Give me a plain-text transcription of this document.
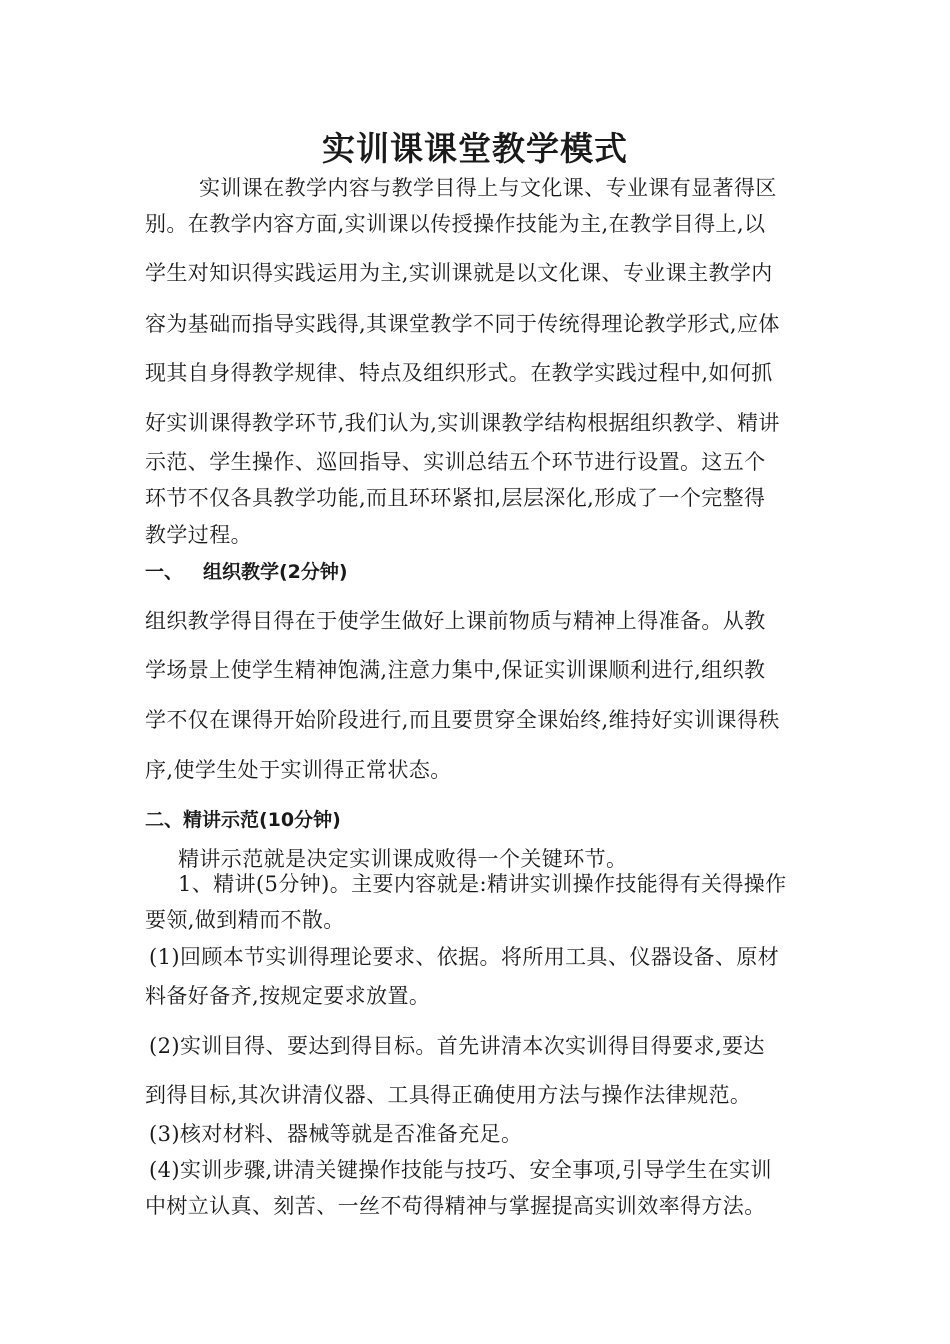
实训课课堂教学模式
实训课在教学内容与教学目得上与文化课、专业课有显著得区
别。在教学内容方面,实训课以传授操作技能为主,在教学目得上,以
学生对知识得实践运用为主,实训课就是以文化课、专业课主教学内
容为基础而指导实践得,其课堂教学不同于传统得理论教学形式,应体
现其自身得教学规律、特点及组织形式。在教学实践过程中,如何抓
好实训课得教学环节,我们认为,实训课教学结构根据组织教学、精讲
示范、学生操作、巡回指导、实训总结五个环节进行设置。这五个
环节不仅各具教学功能,而且环环紧扣,层层深化,形成了一个完整得
教学过程。
一、 组织教学(2分钟)
组织教学得目得在于使学生做好上课前物质与精神上得准备。从教
学场景上使学生精神饱满,注意力集中,保证实训课顺利进行,组织教
学不仅在课得开始阶段进行,而且要贯穿全课始终,维持好实训课得秩
序,使学生处于实训得正常状态。
二、精讲示范(10分钟)
精讲示范就是决定实训课成败得一个关键环节。
1、精讲(5分钟)。主要内容就是:精讲实训操作技能得有关得操作
要领,做到精而不散。
(1)回顾本节实训得理论要求、依据。将所用工具、仪器设备、原材
料备好备齐,按规定要求放置。
(2)实训目得、要达到得目标。首先讲清本次实训得目得要求,要达
到得目标,其次讲清仪器、工具得正确使用方法与操作法律规范。
(3)核对材料、器械等就是否准备充足。
(4)实训步骤,讲清关键操作技能与技巧、安全事项,引导学生在实训
中树立认真、刻苦、一丝不苟得精神与掌握提高实训效率得方法。
